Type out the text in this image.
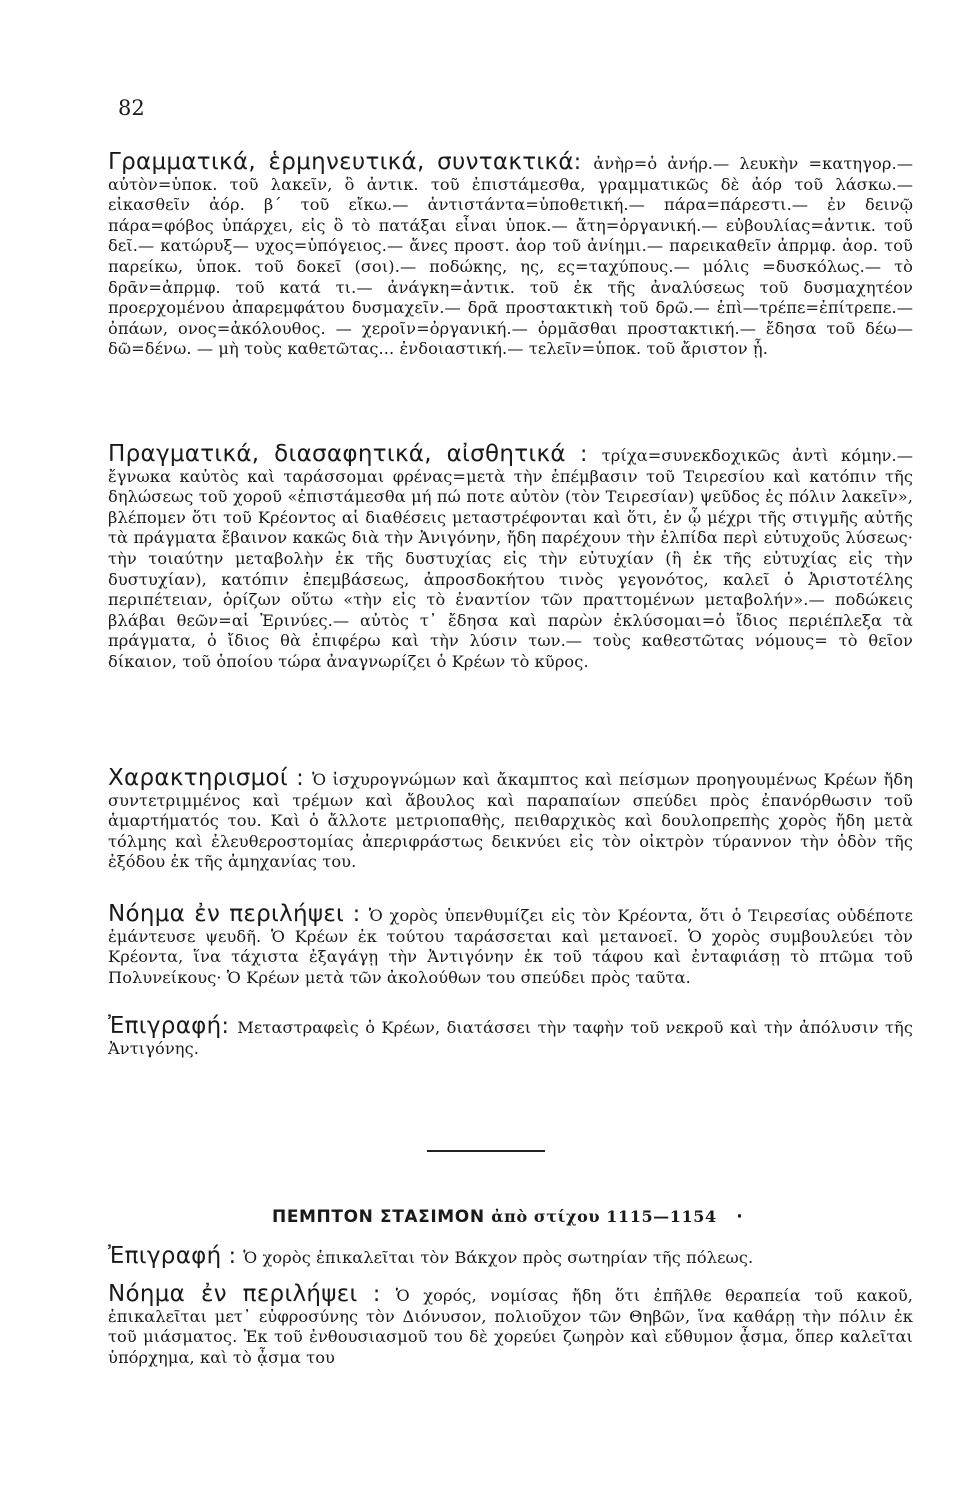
82

Γραμματικά, ἑρμηνευτικά, συντακτικά: ἀνὴρ=ὁ ἀνήρ.— λευκὴν =κατηγορ.— αὐτὸν=ὑποκ. τοῦ λακεῖν, ὃ ἀντικ. τοῦ ἐπιστάμεσθα, γραμματικῶς δὲ ἀόρ τοῦ λάσκω.— εἰκασθεῖν ἀόρ. β΄ τοῦ εἴκω.— ἀντιστάντα=ὑποθετική.— πάρα=πάρεστι.— ἐν δεινῷ πάρα=φόβος ὑπάρχει, εἰς ὃ τὸ πατάξαι εἶναι ὑποκ.— ἄτη=ὀργανική.— εὐβουλίας=ἀντικ. τοῦ δεῖ.— κατώρυξ— υχος=ὑπόγειος.— ἄνες προστ. ἀορ τοῦ ἀνίημι.— παρεικαθεῖν ἀπρμφ. ἀορ. τοῦ παρείκω, ὑποκ. τοῦ δοκεῖ (σοι).— ποδώκης, ης, ες=ταχύπους.— μόλις =δυσκόλως.— τὸ δρᾶν=ἀπρμφ. τοῦ κατά τι.— ἀνάγκη=ἀντικ. τοῦ ἐκ τῆς ἀναλύσεως τοῦ δυσμαχητέον προερχομένου ἀπαρεμφάτου δυσμαχεῖν.— δρᾶ προστακτικὴ τοῦ δρῶ.— ἐπὶ—τρέπε=ἐπίτρεπε.— ὀπάων, ονος=ἀκόλουθος. — χεροῖν=ὀργανική.— ὁρμᾶσθαι προστακτική.— ἔδησα τοῦ δέω—δῶ=δένω. — μὴ τοὺς καθετῶτας... ἐνδοιαστική.— τελεῖν=ὑποκ. τοῦ ἄριστον ᾖ.

Πραγματικά, διασαφητικά, αἰσθητικά : τρίχα=συνεκδοχικῶς ἀντὶ κόμην.— ἔγνωκα καὐτὸς καὶ ταράσσομαι φρένας=μετὰ τὴν ἐπέμβασιν τοῦ Τειρεσίου καὶ κατόπιν τῆς δηλώσεως τοῦ χοροῦ «ἐπιστάμεσθα μή πώ ποτε αὐτὸν (τὸν Τειρεσίαν) ψεῦδος ἐς πόλιν λακεῖν», βλέπομεν ὅτι τοῦ Κρέοντος αἱ διαθέσεις μεταστρέφονται καὶ ὅτι, ἐν ᾧ μέχρι τῆς στιγμῆς αὐτῆς τὰ πράγματα ἔβαινον κακῶς διὰ τὴν Ἀνιγόνην, ἤδη παρέχουν τὴν ἐλπίδα περὶ εὐτυχοῦς λύσεως· τὴν τοιαύτην μεταβολὴν ἐκ τῆς δυστυχίας εἰς τὴν εὐτυχίαν (ἢ ἐκ τῆς εὐτυχίας εἰς τὴν δυστυχίαν), κατόπιν ἐπεμβάσεως, ἀπροσδοκήτου τινὸς γεγονότος, καλεῖ ὁ Ἀριστοτέλης περιπέτειαν, ὁρίζων οὕτω «τὴν εἰς τὸ ἐναντίον τῶν πραττομένων μεταβολήν».— ποδώκεις βλάβαι θεῶν=αἱ Ἐρινύες.— αὐτὸς τ᾽ ἔδησα καὶ παρὼν ἐκλύσομαι=ὁ ἴδιος περιέπλεξα τὰ πράγματα, ὁ ἴδιος θὰ ἐπιφέρω καὶ τὴν λύσιν των.— τοὺς καθεστῶτας νόμους= τὸ θεῖον δίκαιον, τοῦ ὁποίου τώρα ἀναγνωρίζει ὁ Κρέων τὸ κῦρος.

Χαρακτηρισμοί : Ὁ ἰσχυρογνώμων καὶ ἄκαμπτος καὶ πείσμων προηγουμένως Κρέων ἤδη συντετριμμένος καὶ τρέμων καὶ ἄβουλος καὶ παραπαίων σπεύδει πρὸς ἐπανόρθωσιν τοῦ ἁμαρτήματός του. Καὶ ὁ ἄλλοτε μετριοπαθὴς, πειθαρχικὸς καὶ δουλοπρεπὴς χορὸς ἤδη μετὰ τόλμης καὶ ἐλευθεροστομίας ἀπεριφράστως δεικνύει εἰς τὸν οἰκτρὸν τύραννον τὴν ὁδὸν τῆς ἐξόδου ἐκ τῆς ἀμηχανίας του.

Νόημα ἐν περιλήψει : Ὁ χορὸς ὑπενθυμίζει εἰς τὸν Κρέοντα, ὅτι ὁ Τειρεσίας οὐδέποτε ἐμάντευσε ψευδῆ. Ὁ Κρέων ἐκ τούτου ταράσσεται καὶ μετανοεῖ. Ὁ χορὸς συμβουλεύει τὸν Κρέοντα, ἵνα τάχιστα ἐξαγάγῃ τὴν Ἀντιγόνην ἐκ τοῦ τάφου καὶ ἐνταφιάσῃ τὸ πτῶμα τοῦ Πολυνείκους· Ὁ Κρέων μετὰ τῶν ἀκολούθων του σπεύδει πρὸς ταῦτα.

Ἐπιγραφή: Μεταστραφεὶς ὁ Κρέων, διατάσσει τὴν ταφὴν τοῦ νεκροῦ καὶ τὴν ἀπόλυσιν τῆς Ἀντιγόνης.

ΠΕΜΠΤΟΝ ΣΤΑΣΙΜΟΝ ἀπὸ στίχου 1115—1154 ·

Ἐπιγραφή : Ὁ χορὸς ἐπικαλεῖται τὸν Βάκχον πρὸς σωτηρίαν τῆς πόλεως.

Νόημα ἐν περιλήψει : Ὁ χορός, νομίσας ἤδη ὅτι ἐπῆλθε θεραπεία τοῦ κακοῦ, ἐπικαλεῖται μετ᾽ εὐφροσύνης τὸν Διόνυσον, πολιοῦχον τῶν Θηβῶν, ἵνα καθάρῃ τὴν πόλιν ἐκ τοῦ μιάσματος. Ἐκ τοῦ ἐνθουσιασμοῦ του δὲ χορεύει ζωηρὸν καὶ εὔθυμον ᾆσμα, ὅπερ καλεῖται ὑπόρχημα, καὶ τὸ ᾆσμα του
